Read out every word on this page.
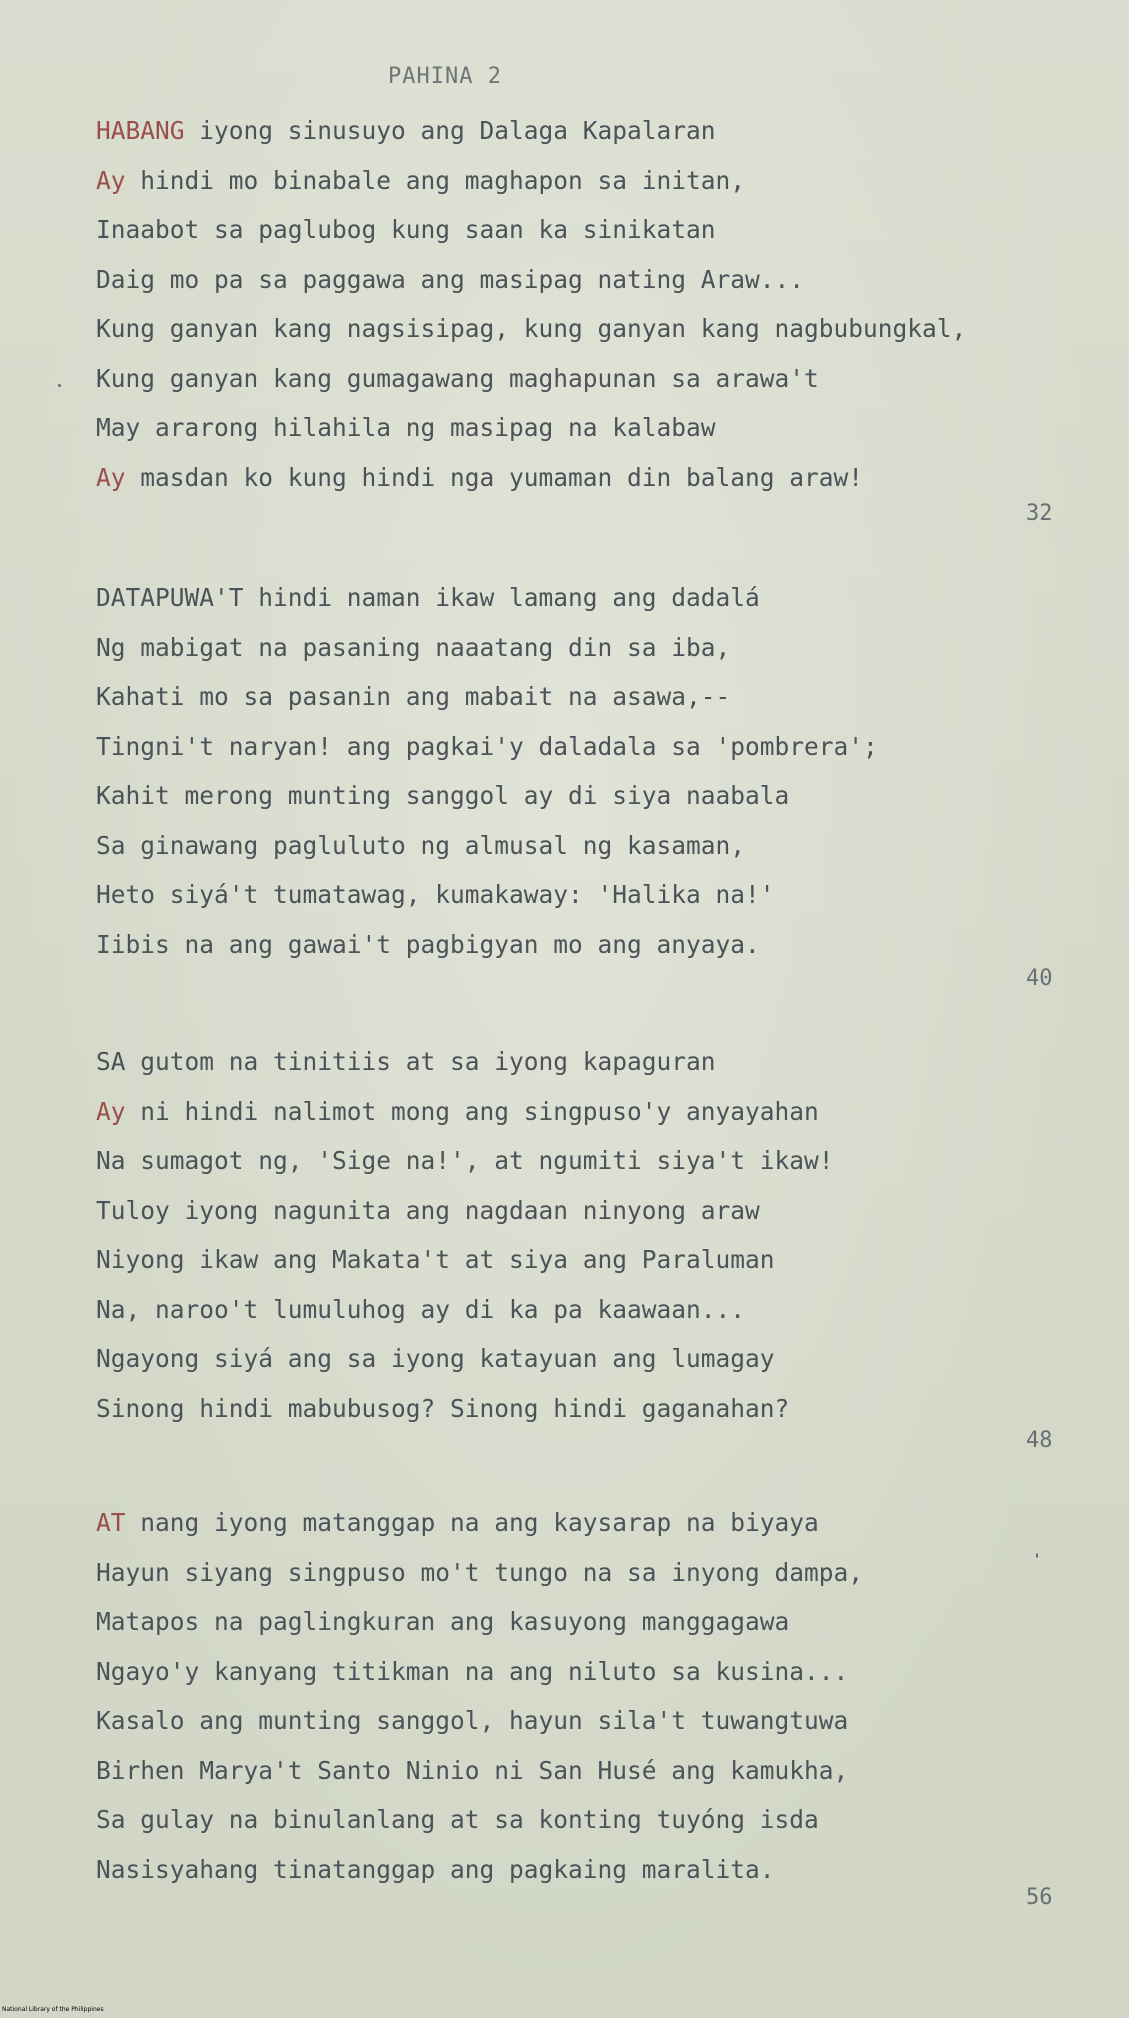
PAHINA 2
HABANG iyong sinusuyo ang Dalaga Kapalaran
Ay hindi mo binabale ang maghapon sa initan,
Inaabot sa paglubog kung saan ka sinikatan
Daig mo pa sa paggawa ang masipag nating Araw...
Kung ganyan kang nagsisipag, kung ganyan kang nagbubungkal,
Kung ganyan kang gumagawang maghapunan sa arawa't
May ararong hilahila ng masipag na kalabaw
Ay masdan ko kung hindi nga yumaman din balang araw!
32
DATAPUWA'T hindi naman ikaw lamang ang dadalá
Ng mabigat na pasaning naaatang din sa iba,
Kahati mo sa pasanin ang mabait na asawa,--
Tingni't naryan! ang pagkai'y daladala sa 'pombrera';
Kahit merong munting sanggol ay di siya naabala
Sa ginawang pagluluto ng almusal ng kasaman,
Heto siyá't tumatawag, kumakaway: 'Halika na!'
Iibis na ang gawai't pagbigyan mo ang anyaya.
40
SA gutom na tinitiis at sa iyong kapaguran
Ay ni hindi nalimot mong ang singpuso'y anyayahan
Na sumagot ng, 'Sige na!', at ngumiti siya't ikaw!
Tuloy iyong nagunita ang nagdaan ninyong araw
Niyong ikaw ang Makata't at siya ang Paraluman
Na, naroo't lumuluhog ay di ka pa kaawaan...
Ngayong siyá ang sa iyong katayuan ang lumagay
Sinong hindi mabubusog? Sinong hindi gaganahan?
48
AT nang iyong matanggap na ang kaysarap na biyaya
Hayun siyang singpuso mo't tungo na sa inyong dampa,
Matapos na paglingkuran ang kasuyong manggagawa
Ngayo'y kanyang titikman na ang niluto sa kusina...
Kasalo ang munting sanggol, hayun sila't tuwangtuwa
Birhen Marya't Santo Ninio ni San Husé ang kamukha,
Sa gulay na binulanlang at sa konting tuyóng isda
Nasisyahang tinatanggap ang pagkaing maralita.
56
National Library of the Philippines
